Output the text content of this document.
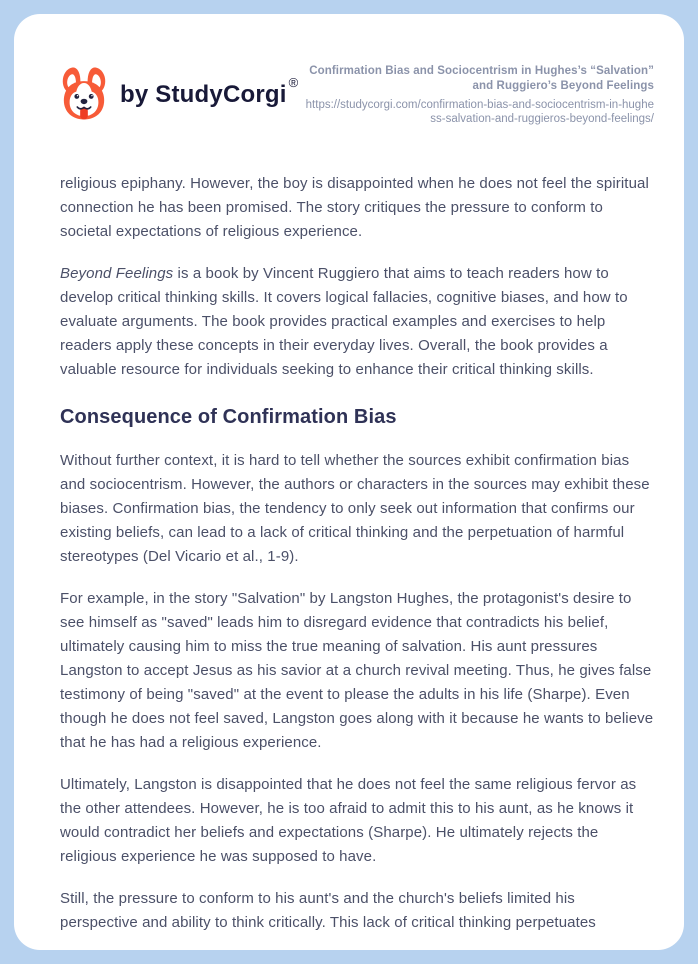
by StudyCorgi ®
Confirmation Bias and Sociocentrism in Hughes’s “Salvation” and Ruggiero’s Beyond Feelings
https://studycorgi.com/confirmation-bias-and-sociocentrism-in-hughess-salvation-and-ruggieros-beyond-feelings/

religious epiphany. However, the boy is disappointed when he does not feel the spiritual connection he has been promised. The story critiques the pressure to conform to societal expectations of religious experience.

Beyond Feelings is a book by Vincent Ruggiero that aims to teach readers how to develop critical thinking skills. It covers logical fallacies, cognitive biases, and how to evaluate arguments. The book provides practical examples and exercises to help readers apply these concepts in their everyday lives. Overall, the book provides a valuable resource for individuals seeking to enhance their critical thinking skills.

Consequence of Confirmation Bias

Without further context, it is hard to tell whether the sources exhibit confirmation bias and sociocentrism. However, the authors or characters in the sources may exhibit these biases. Confirmation bias, the tendency to only seek out information that confirms our existing beliefs, can lead to a lack of critical thinking and the perpetuation of harmful stereotypes (Del Vicario et al., 1-9).

For example, in the story "Salvation" by Langston Hughes, the protagonist's desire to see himself as "saved" leads him to disregard evidence that contradicts his belief, ultimately causing him to miss the true meaning of salvation. His aunt pressures Langston to accept Jesus as his savior at a church revival meeting. Thus, he gives false testimony of being "saved" at the event to please the adults in his life (Sharpe). Even though he does not feel saved, Langston goes along with it because he wants to believe that he has had a religious experience.

Ultimately, Langston is disappointed that he does not feel the same religious fervor as the other attendees. However, he is too afraid to admit this to his aunt, as he knows it would contradict her beliefs and expectations (Sharpe). He ultimately rejects the religious experience he was supposed to have.

Still, the pressure to conform to his aunt's and the church's beliefs limited his perspective and ability to think critically. This lack of critical thinking perpetuates
